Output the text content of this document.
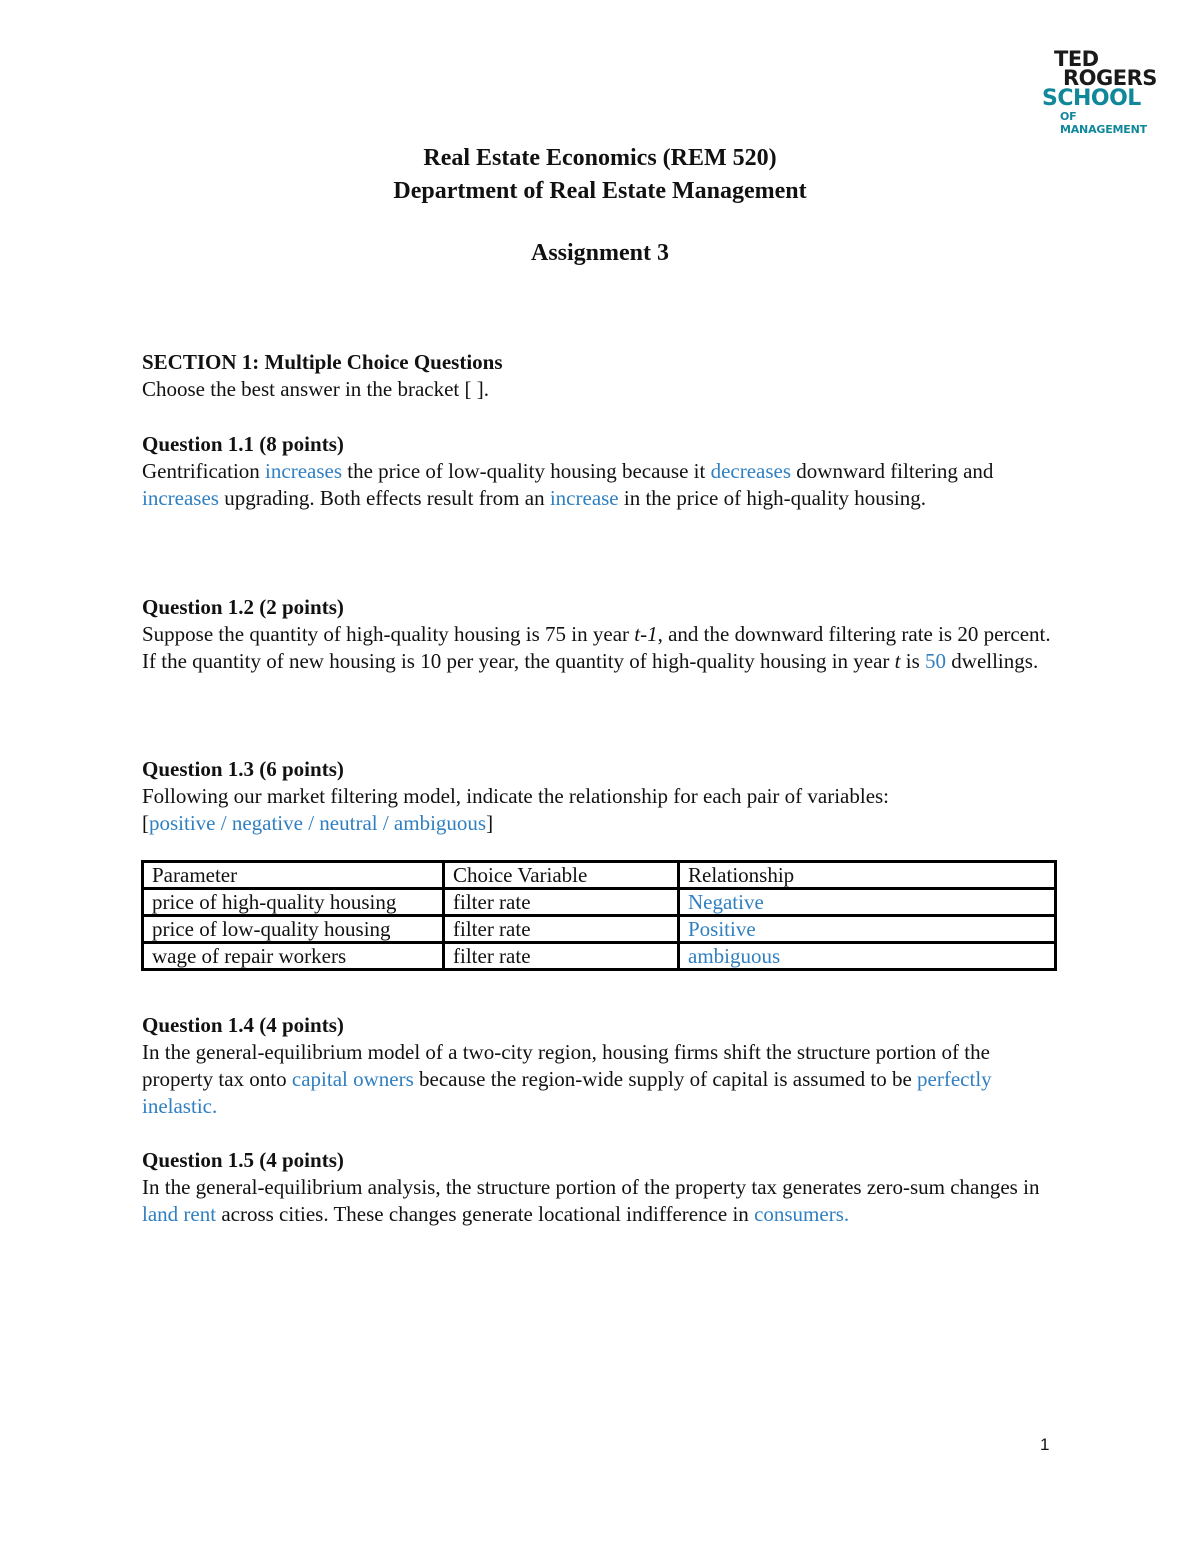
TED
ROGERS
SCHOOL
OF MANAGEMENT
Real Estate Economics (REM 520)
Department of Real Estate Management
Assignment 3

SECTION 1: Multiple Choice Questions

Choose the best answer in the bracket [ ].

Question 1.1 (8 points)

Gentrification increases the price of low-quality housing because it decreases downward filtering and increases upgrading. Both effects result from an increase in the price of high-quality housing.

Question 1.2 (2 points)

Suppose the quantity of high-quality housing is 75 in year t-1, and the downward filtering rate is 20 percent. If the quantity of new housing is 10 per year, the quantity of high-quality housing in year t is 50 dwellings.

Question 1.3 (6 points)

Following our market filtering model, indicate the relationship for each pair of variables:

[positive / negative / neutral / ambiguous]

Parameter	Choice Variable	Relationship
price of high-quality housing	filter rate	Negative
price of low-quality housing	filter rate	Positive
wage of repair workers	filter rate	ambiguous

Question 1.4 (4 points)

In the general-equilibrium model of a two-city region, housing firms shift the structure portion of the property tax onto capital owners because the region-wide supply of capital is assumed to be perfectly inelastic.

Question 1.5 (4 points)

In the general-equilibrium analysis, the structure portion of the property tax generates zero-sum changes in land rent across cities. These changes generate locational indifference in consumers.

1
